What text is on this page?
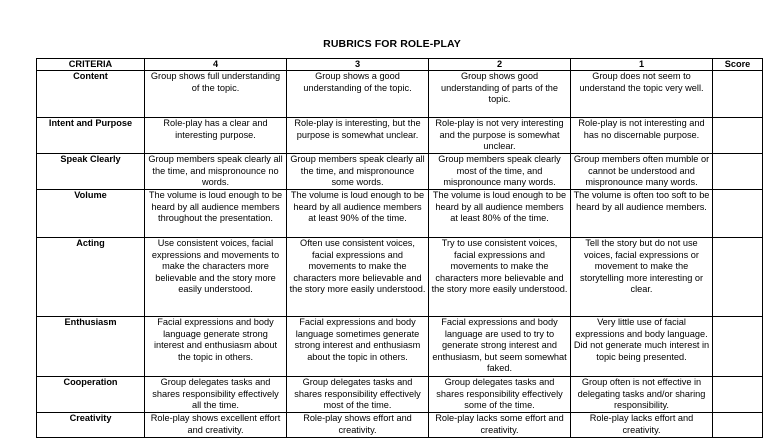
RUBRICS FOR ROLE-PLAY
CRITERIA	4	3	2	1	Score
Content	Group shows full understanding of the topic.	Group shows a good understanding of the topic.	Group shows good understanding of parts of the topic.	Group does not seem to understand the topic very well.	
Intent and Purpose	Role-play has a clear and interesting purpose.	Role-play is interesting, but the purpose is somewhat unclear.	Role-play is not very interesting and the purpose is somewhat unclear.	Role-play is not interesting and has no discernable purpose.	
Speak Clearly	Group members speak clearly all the time, and mispronounce no words.	Group members speak clearly all the time, and mispronounce some words.	Group members speak clearly most of the time, and mispronounce many words.	Group members often mumble or cannot be understood and mispronounce many words.	
Volume	The volume is loud enough to be heard by all audience members throughout the presentation.	The volume is loud enough to be heard by all audience members at least 90% of the time.	The volume is loud enough to be heard by all audience members at least 80% of the time.	The volume is often too soft to be heard by all audience members.	
Acting	Use consistent voices, facial expressions and movements to make the characters more believable and the story more easily understood.	Often use consistent voices, facial expressions and movements to make the characters more believable and the story more easily understood.	Try to use consistent voices, facial expressions and movements to make the characters more believable and the story more easily understood.	Tell the story but do not use voices, facial expressions or movement to make the storytelling more interesting or clear.	
Enthusiasm	Facial expressions and body language generate strong interest and enthusiasm about the topic in others.	Facial expressions and body language sometimes generate strong interest and enthusiasm about the topic in others.	Facial expressions and body language are used to try to generate strong interest and enthusiasm, but seem somewhat faked.	Very little use of facial expressions and body language. Did not generate much interest in topic being presented.	
Cooperation	Group delegates tasks and shares responsibility effectively all the time.	Group delegates tasks and shares responsibility effectively most of the time.	Group delegates tasks and shares responsibility effectively some of the time.	Group often is not effective in delegating tasks and/or sharing responsibility.	
Creativity	Role-play shows excellent effort and creativity.	Role-play shows effort and creativity.	Role-play lacks some effort and creativity.	Role-play lacks effort and creativity.	
